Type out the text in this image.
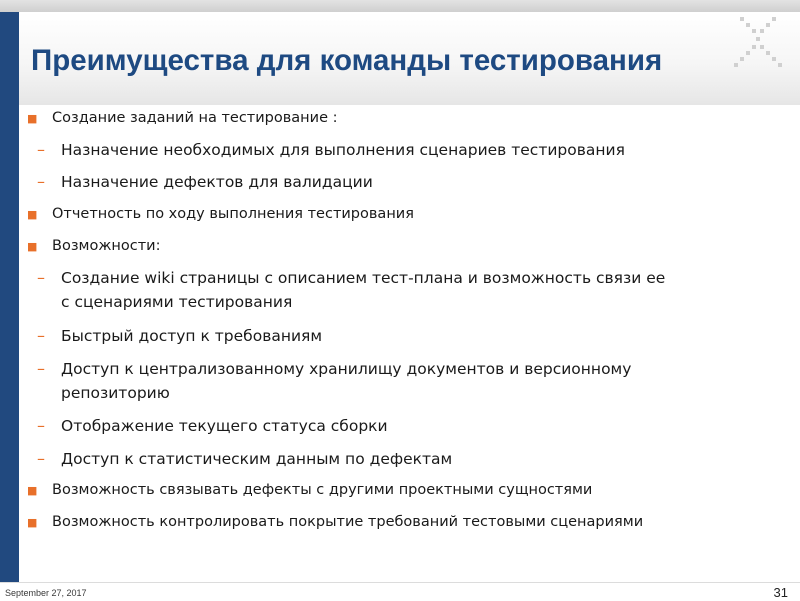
Преимущества для команды тестирования
■ Создание заданий на тестирование :
– Назначение необходимых для выполнения сценариев тестирования
– Назначение дефектов для валидации
■ Отчетность по ходу выполнения тестирования
■ Возможности:
– Создание wiki страницы с описанием тест-плана и возможность связи ее
с сценариями тестирования
– Быстрый доступ к требованиям
– Доступ к централизованному хранилищу документов и версионному
репозиторию
– Отображение текущего статуса сборки
– Доступ к статистическим данным по дефектам
■ Возможность связывать дефекты с другими проектными сущностями
■ Возможность контролировать покрытие требований тестовыми сценариями
September 27, 2017	31
